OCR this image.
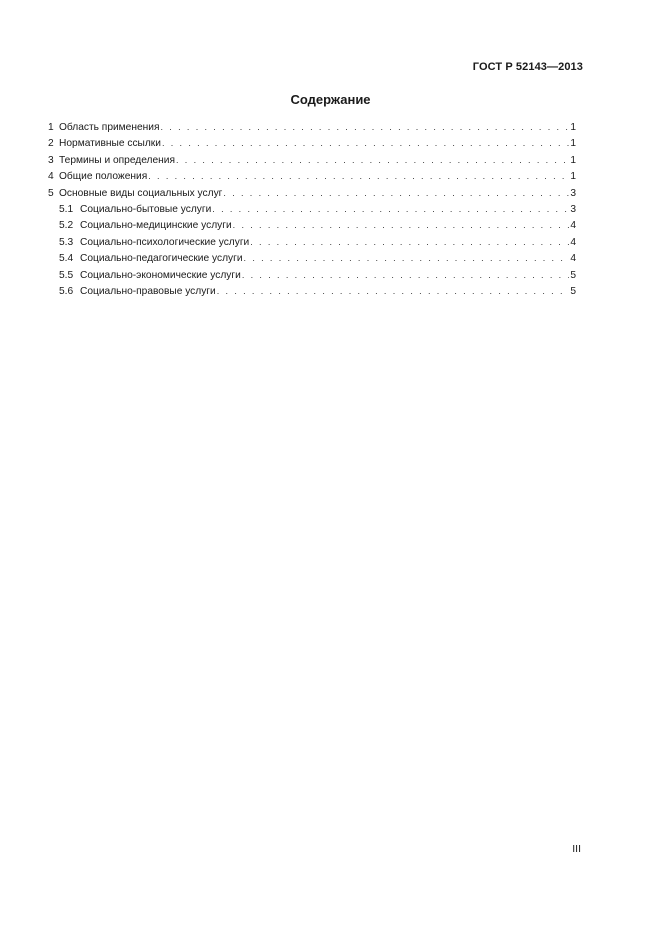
ГОСТ Р 52143—2013
Содержание
1 Область применения . . .	1
2 Нормативные ссылки . . .	1
3 Термины и определения . . .	1
4 Общие положения . . .	1
5 Основные виды социальных услуг . . .	3
5.1 Социально-бытовые услуги . . .	3
5.2 Социально-медицинские услуги . . .	4
5.3 Социально-психологические услуги . . .	4
5.4 Социально-педагогические услуги . . .	4
5.5 Социально-экономические услуги . . .	5
5.6 Социально-правовые услуги . . .	5
III
